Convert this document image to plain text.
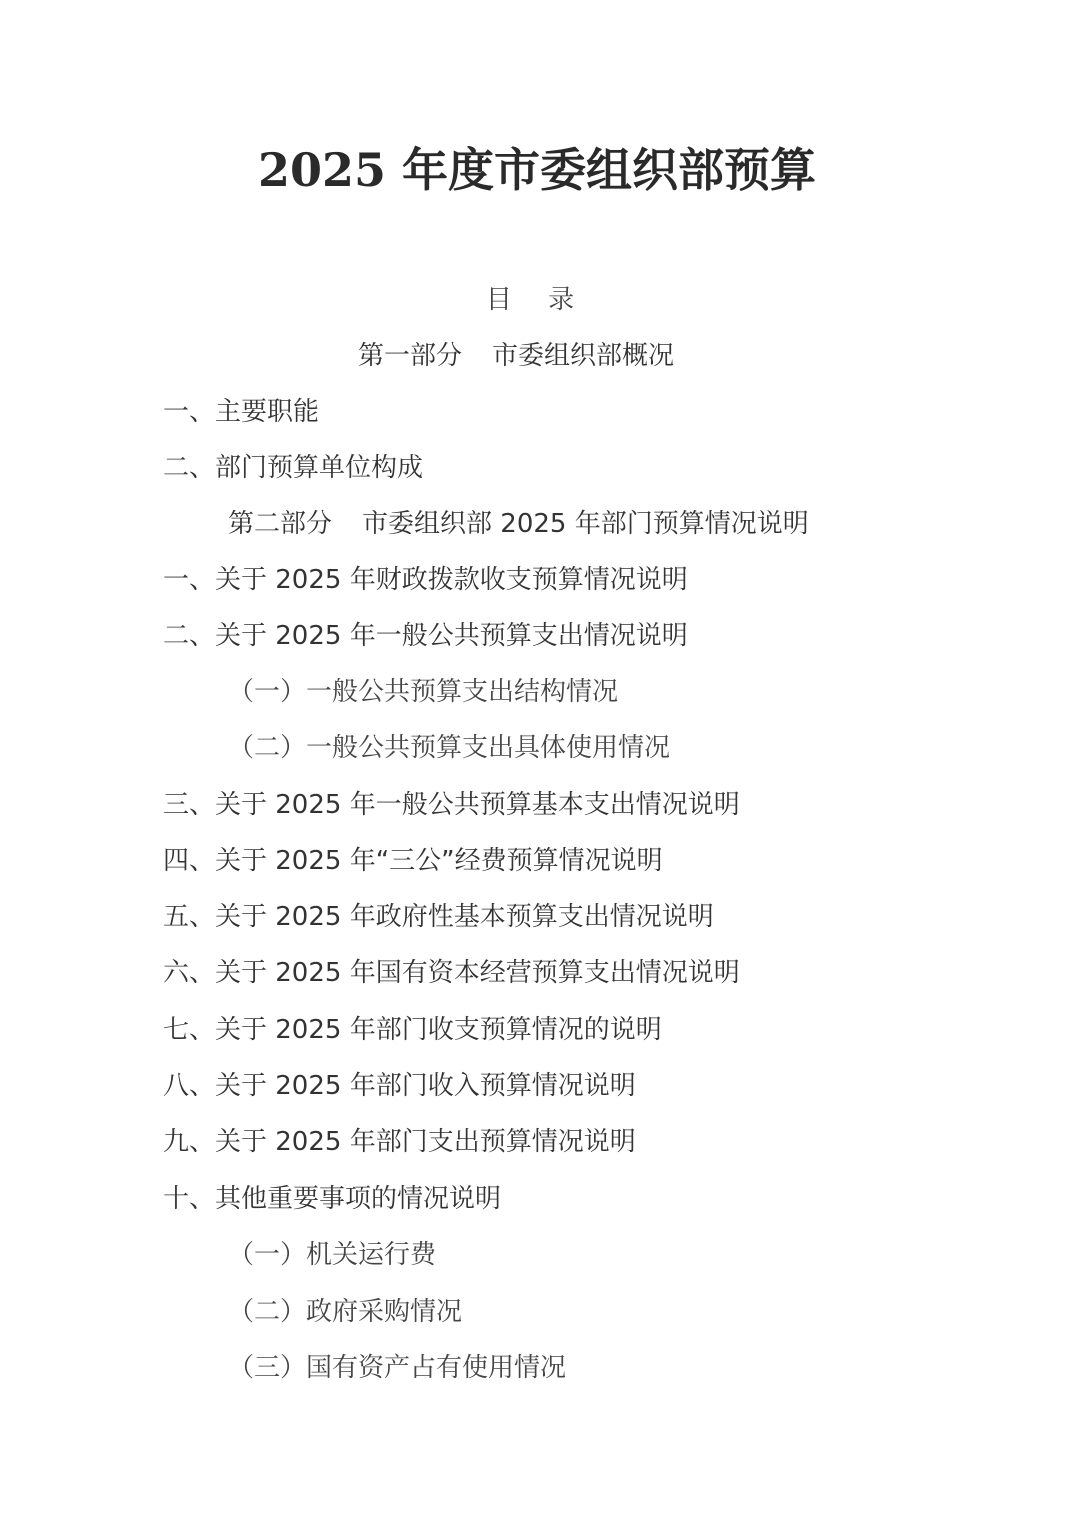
2025 年度市委组织部预算
目 录
第一部分 市委组织部概况
一、主要职能
二、部门预算单位构成
第二部分 市委组织部 2025 年部门预算情况说明
一、关于 2025 年财政拨款收支预算情况说明
二、关于 2025 年一般公共预算支出情况说明
（一）一般公共预算支出结构情况
（二）一般公共预算支出具体使用情况
三、关于 2025 年一般公共预算基本支出情况说明
四、关于 2025 年“三公”经费预算情况说明
五、关于 2025 年政府性基本预算支出情况说明
六、关于 2025 年国有资本经营预算支出情况说明
七、关于 2025 年部门收支预算情况的说明
八、关于 2025 年部门收入预算情况说明
九、关于 2025 年部门支出预算情况说明
十、其他重要事项的情况说明
（一）机关运行费
（二）政府采购情况
（三）国有资产占有使用情况
